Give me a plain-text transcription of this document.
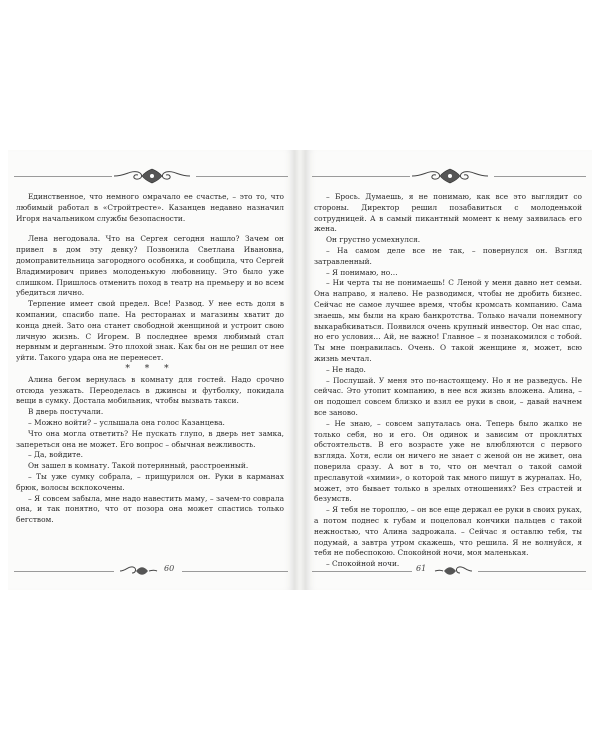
Единственное, что немного омрачало ее счастье, – это то, что любимый работал в «Стройтресте». Казанцев недавно назначил Игоря начальником службы безопасности.

Лена негодовала. Что на Сергея сегодня нашло? Зачем он привел в дом эту девку? Позвонила Светлана Ивановна, домоправительница загородного особняка, и сообщила, что Сергей Владимирович привез молоденькую любовницу. Это было уже слишком. Пришлось отменить поход в театр на премьеру и во всем убедиться лично.

Терпение имеет свой предел. Все! Развод. У нее есть доля в компании, спасибо папе. На ресторанах и магазины хватит до конца дней. Зато она станет свободной женщиной и устроит свою личную жизнь. С Игорем. В последнее время любимый стал нервным и дерганным. Это плохой знак. Как бы он не решил от нее уйти. Такого удара она не перенесет.

* * *

Алина бегом вернулась в комнату для гостей. Надо срочно отсюда уезжать. Переоделась в джинсы и футболку, покидала вещи в сумку. Достала мобильник, чтобы вызвать такси.

В дверь постучали.

– Можно войти? – услышала она голос Казанцева.

Что она могла ответить? Не пускать глупо, в дверь нет замка, запереться она не может. Его вопрос – обычная вежливость.

– Да, войдите.

Он зашел в комнату. Такой потерянный, расстроенный.

– Ты уже сумку собрала, – прищурился он. Руки в карманах брюк, волосы всклокочены.

– Я совсем забыла, мне надо навестить маму, – зачем-то соврала она, и так понятно, что от позора она может спастись только бегством.

60

– Брось. Думаешь, я не понимаю, как все это выглядит со стороны. Директор решил позабавиться с молоденькой сотрудницей. А в самый пикантный момент к нему заявилась его жена.

Он грустно усмехнулся.

– На самом деле все не так, – повернулся он. Взгляд затравленный.

– Я понимаю, но…

– Ни черта ты не понимаешь! С Леной у меня давно нет семьи. Она направо, я налево. Не разводимся, чтобы не дробить бизнес. Сейчас не самое лучшее время, чтобы кромсать компанию. Сама знаешь, мы были на краю банкротства. Только начали понемногу выкарабкиваться. Появился очень крупный инвестор. Он нас спас, но его условия… Ай, не важно! Главное – я познакомился с тобой. Ты мне понравилась. Очень. О такой женщине я, может, всю жизнь мечтал.

– Не надо.

– Послушай. У меня это по-настоящему. Но я не разведусь. Не сейчас. Это утопит компанию, в нее вся жизнь вложена. Алина, – он подошел совсем близко и взял ее руки в свои, – давай начнем все заново.

– Не знаю, – совсем запуталась она. Теперь было жалко не только себя, но и его. Он одинок и зависим от проклятых обстоятельств. В его возрасте уже не влюбляются с первого взгляда. Хотя, если он ничего не знает с женой он не живет, она поверила сразу. А вот в то, что он мечтал о такой самой преславутой «химии», о которой так много пишут в журналах. Но, может, это бывает только в зрелых отношениях? Без страстей и безумств.

– Я тебя не тороплю, – он все еще держал ее руки в своих руках, а потом поднес к губам и поцеловал кончики пальцев с такой нежностью, что Алина задрожала. – Сейчас я оставлю тебя, ты подумай, а завтра утром скажешь, что решила. Я не волнуйся, я тебя не побеспокою. Спокойной ночи, моя маленькая.

– Спокойной ночи.

61
